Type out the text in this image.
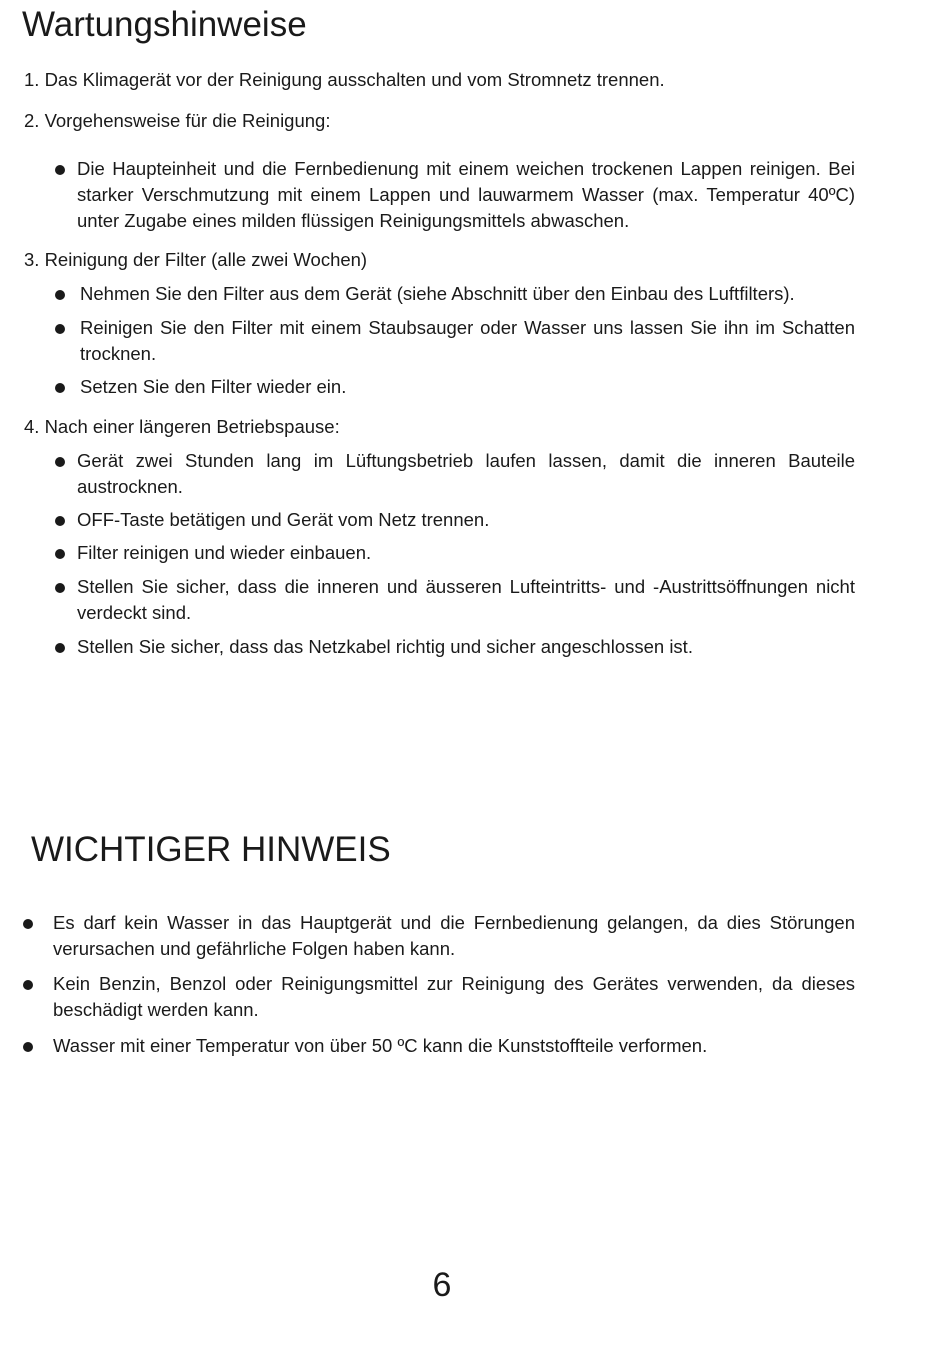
Wartungshinweise

1. Das Klimagerät vor der Reinigung ausschalten und vom Stromnetz trennen.

2. Vorgehensweise für die Reinigung:

Die Haupteinheit und die Fernbedienung mit einem weichen trockenen Lappen reinigen. Bei starker Verschmutzung mit einem Lappen und lauwarmem Wasser (max. Temperatur 40ºC) unter Zugabe eines milden flüssigen Reinigungsmittels abwaschen.

3. Reinigung der Filter (alle zwei Wochen)

Nehmen Sie den Filter aus dem Gerät (siehe Abschnitt über den Einbau des Luftfilters).

Reinigen Sie den Filter mit einem Staubsauger oder Wasser uns lassen Sie ihn im Schatten trocknen.

Setzen Sie den Filter wieder ein.

4. Nach einer längeren Betriebspause:

Gerät zwei Stunden lang im Lüftungsbetrieb laufen lassen, damit die inneren Bauteile austrocknen.

OFF-Taste betätigen und Gerät vom Netz trennen.

Filter reinigen und wieder einbauen.

Stellen Sie sicher, dass die inneren und äusseren Lufteintritts- und -Austrittsöffnungen nicht verdeckt sind.

Stellen Sie sicher, dass das Netzkabel richtig und sicher angeschlossen ist.

WICHTIGER HINWEIS

Es darf kein Wasser in das Hauptgerät und die Fernbedienung gelangen, da dies Störungen verursachen und gefährliche Folgen haben kann.

Kein Benzin, Benzol oder Reinigungsmittel zur Reinigung des Gerätes verwenden, da dieses beschädigt werden kann.

Wasser mit einer Temperatur von über 50 ºC kann die Kunststoffteile verformen.

6
